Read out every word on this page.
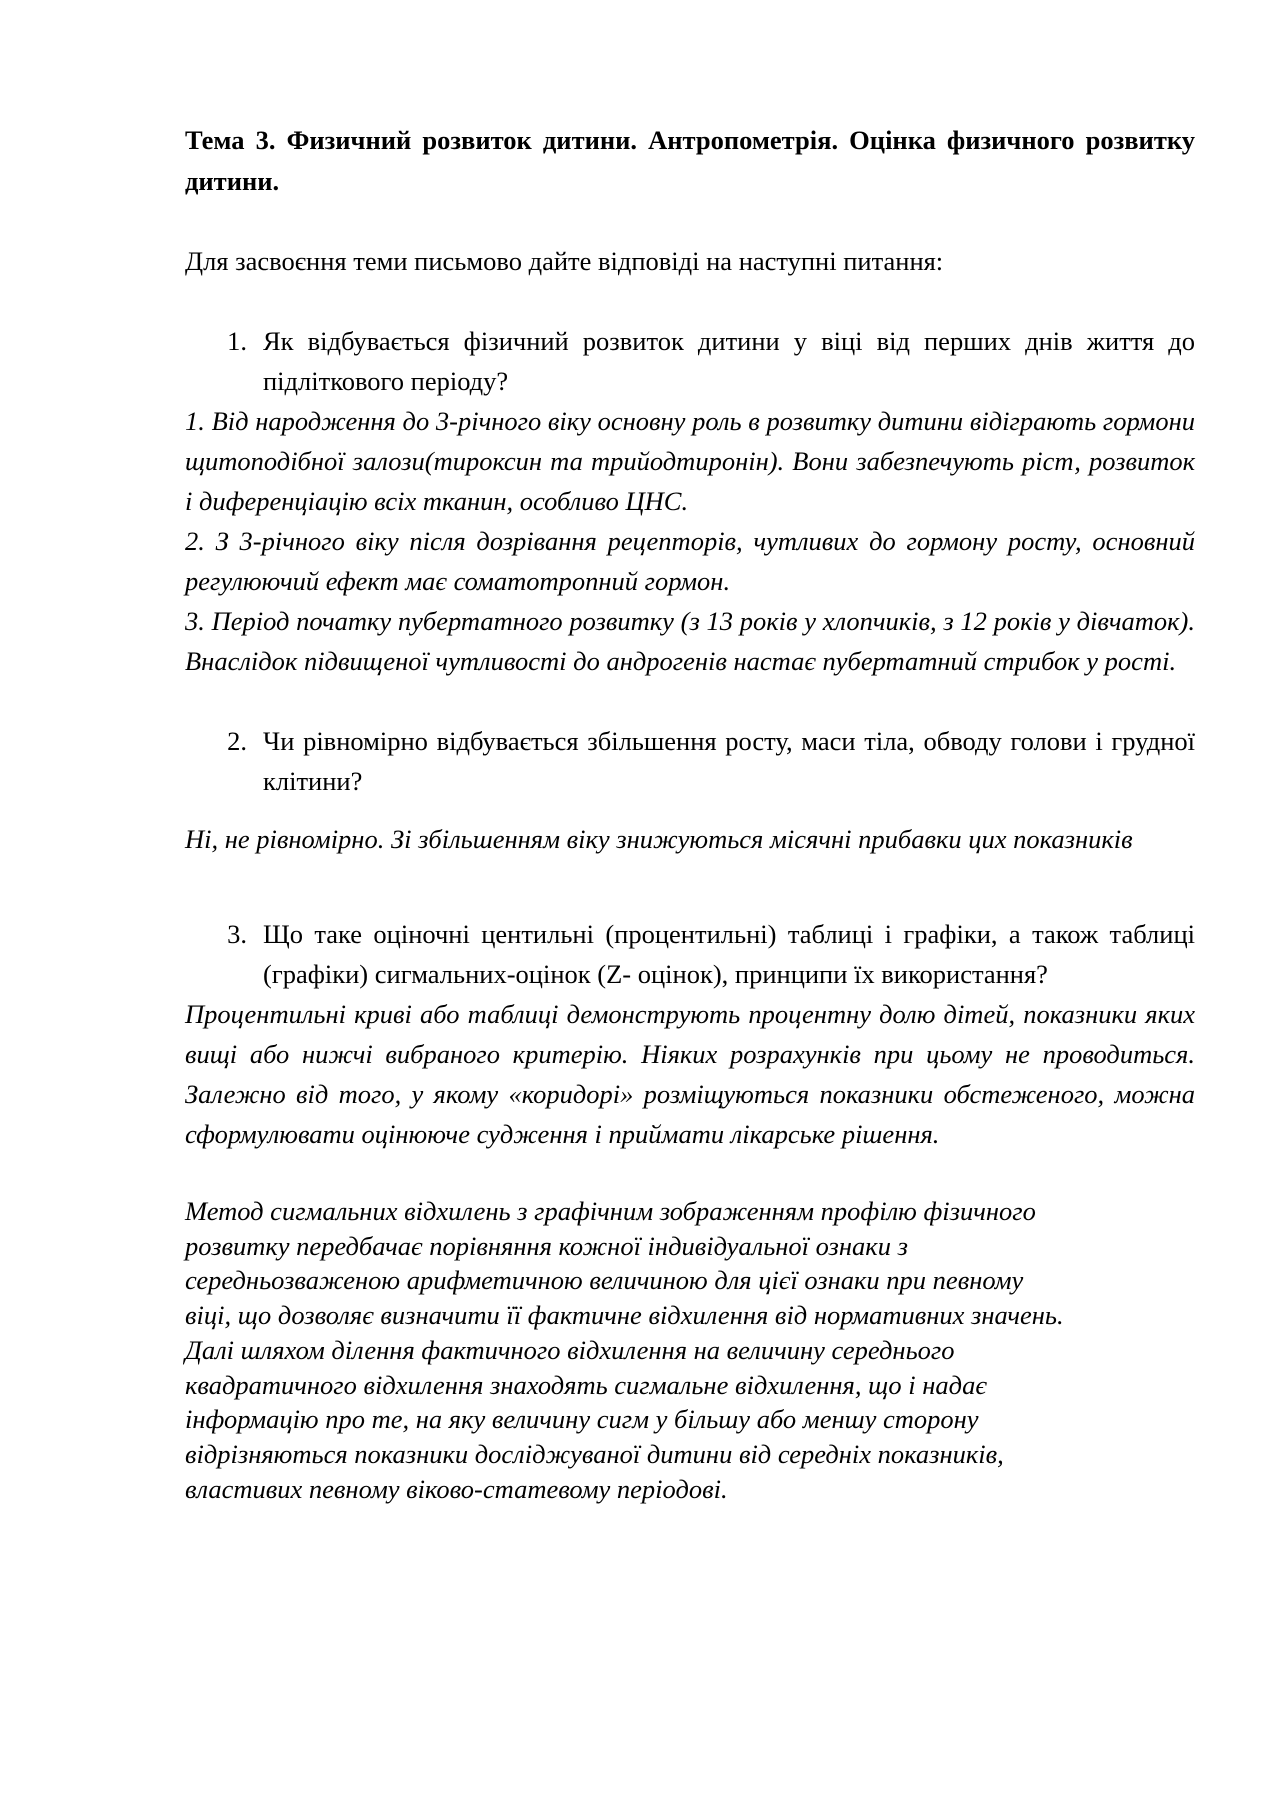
Тема 3. Физичний розвиток дитини. Антропометрія. Оцінка физичного розвитку дитини.

Для засвоєння теми письмово дайте відповіді на наступні питання:

1. Як відбувається фізичний розвиток дитини у віці від перших днів життя до підліткового періоду?

1. Від народження до 3-річного віку основну роль в розвитку дитини відіграють гормони щитоподібної залози(тироксин та трийодтиронін). Вони забезпечують ріст, розвиток і диференціацію всіх тканин, особливо ЦНС.

2. З 3-річного віку після дозрівання рецепторів, чутливих до гормону росту, основний регулюючий ефект має соматотропний гормон.

3. Період початку пубертатного розвитку (з 13 років у хлопчиків, з 12 років у дівчаток). Внаслідок підвищеної чутливості до андрогенів настає пубертатний стрибок у рості.

2. Чи рівномірно відбувається збільшення росту, маси тіла, обводу голови і грудної клітини?

Ні, не рівномірно. Зі збільшенням віку знижуються місячні прибавки цих показників

3. Що таке оціночні центильні (процентильні) таблиці і графіки, а також таблиці (графіки) сигмальних-оцінок (Z- оцінок), принципи їх використання?

Процентильні криві або таблиці демонструють процентну долю дітей, показники яких вищі або нижчі вибраного критерію. Ніяких розрахунків при цьому не проводиться. Залежно від того, у якому «коридорі» розміщуються показники обстеженого, можна сформулювати оцінююче судження і приймати лікарське рішення.

Метод сигмальних відхилень з графічним зображенням профілю фізичного
розвитку передбачає порівняння кожної індивідуальної ознаки з
середньозваженою арифметичною величиною для цієї ознаки при певному
віці, що дозволяє визначити її фактичне відхилення від нормативних значень.
Далі шляхом ділення фактичного відхилення на величину середнього
квадратичного відхилення знаходять сигмальне відхилення, що і надає
інформацію про те, на яку величину сигм у більшу або меншу сторону
відрізняються показники досліджуваної дитини від середніх показників,
властивих певному віково-статевому періодові.
